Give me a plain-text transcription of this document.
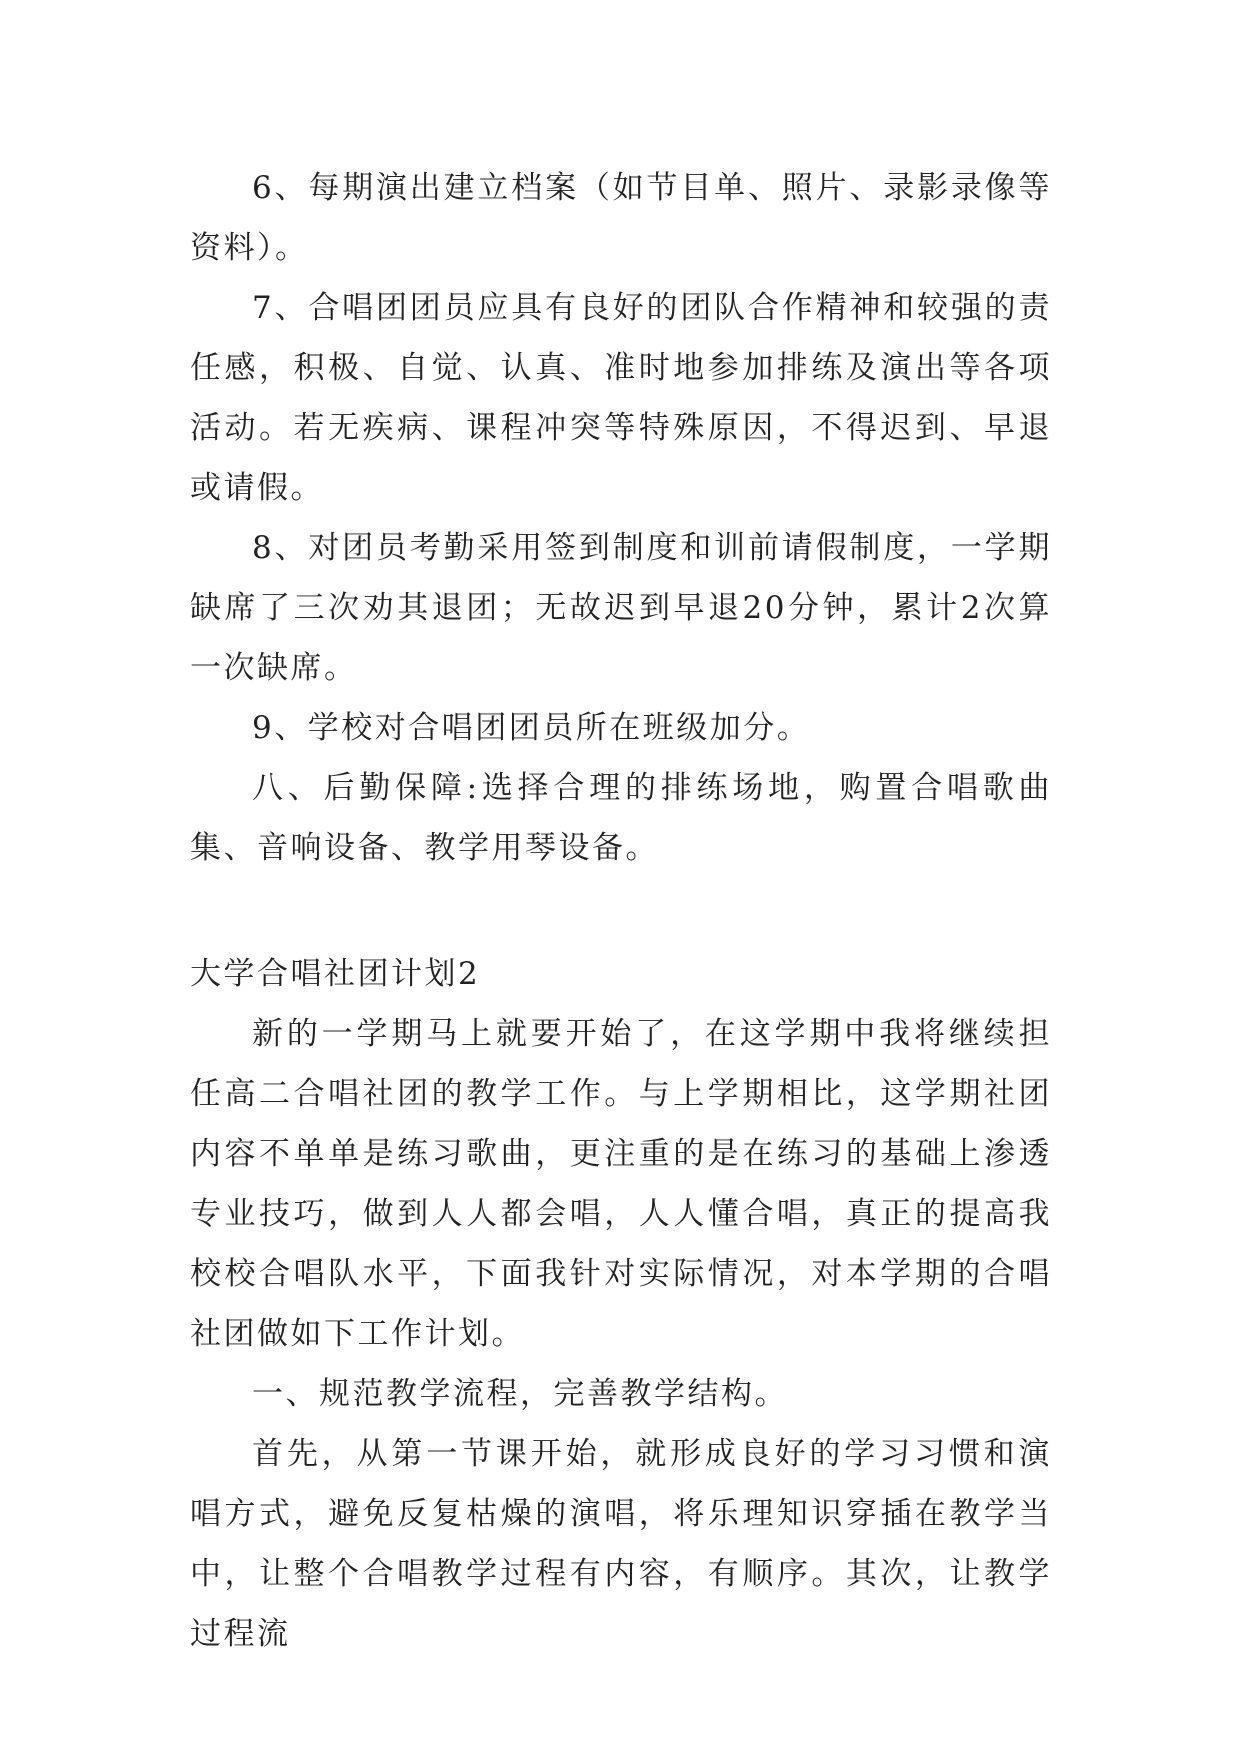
6、每期演出建立档案（如节目单、照片、录影录像等资料）。

7、合唱团团员应具有良好的团队合作精神和较强的责任感，积极、自觉、认真、准时地参加排练及演出等各项活动。若无疾病、课程冲突等特殊原因，不得迟到、早退或请假。

8、对团员考勤采用签到制度和训前请假制度，一学期缺席了三次劝其退团；无故迟到早退20分钟，累计2次算一次缺席。

9、学校对合唱团团员所在班级加分。

八、后勤保障:选择合理的排练场地，购置合唱歌曲集、音响设备、教学用琴设备。

大学合唱社团计划2

新的一学期马上就要开始了，在这学期中我将继续担任高二合唱社团的教学工作。与上学期相比，这学期社团内容不单单是练习歌曲，更注重的是在练习的基础上渗透专业技巧，做到人人都会唱，人人懂合唱，真正的提高我校校合唱队水平，下面我针对实际情况，对本学期的合唱社团做如下工作计划。

一、规范教学流程，完善教学结构。

首先，从第一节课开始，就形成良好的学习习惯和演唱方式，避免反复枯燥的演唱，将乐理知识穿插在教学当中，让整个合唱教学过程有内容，有顺序。其次，让教学过程流
